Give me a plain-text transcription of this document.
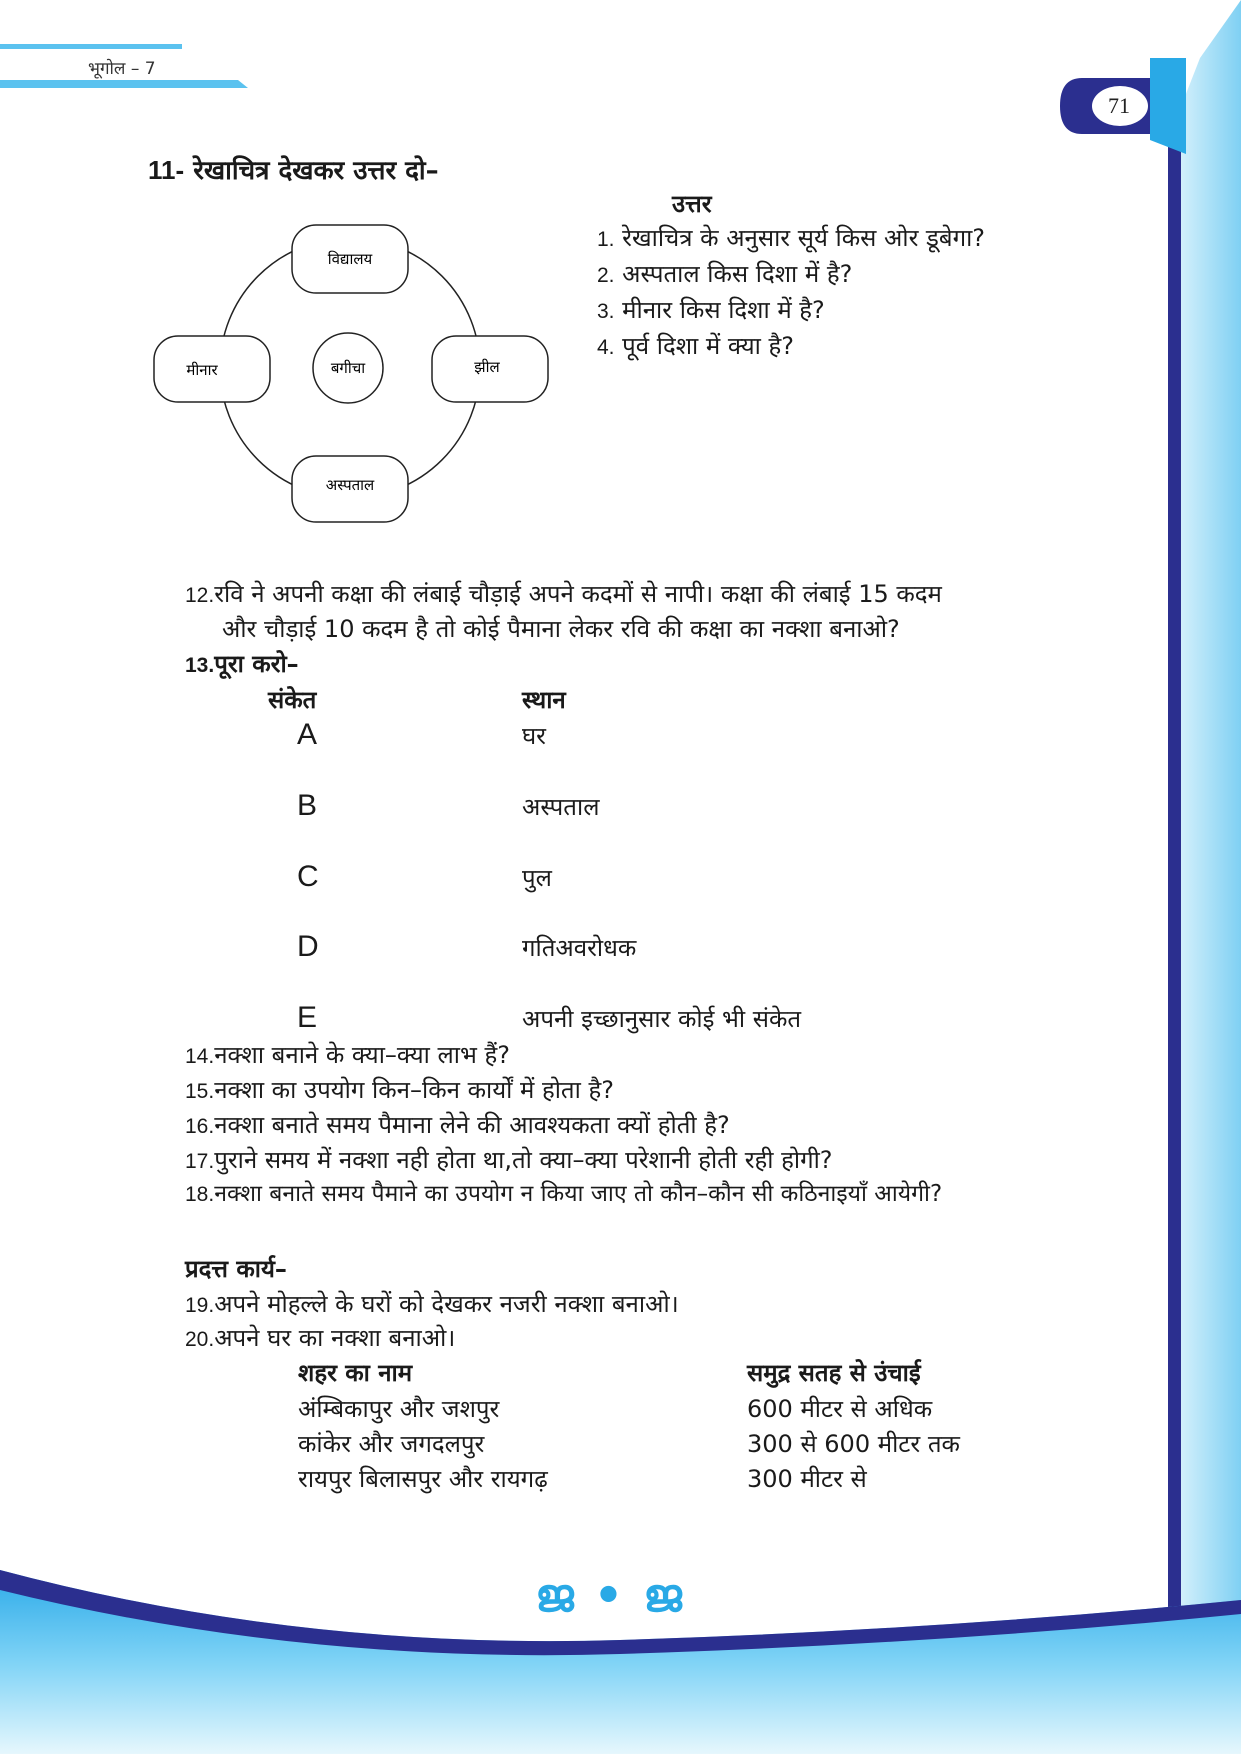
भूगोल – 7
71
11- रेखाचित्र देखकर उत्तर दो–
विद्यालय
मीनार	बगीचा	झील
अस्पताल
उत्तर
1. रेखाचित्र के अनुसार सूर्य किस ओर डूबेगा?
2. अस्पताल किस दिशा में है?
3. मीनार किस दिशा में है?
4. पूर्व दिशा में क्या है?
12.रवि ने अपनी कक्षा की लंबाई चौड़ाई अपने कदमों से नापी। कक्षा की लंबाई 15 कदम
और चौड़ाई 10 कदम है तो कोई पैमाना लेकर रवि की कक्षा का नक्शा बनाओ?
13.पूरा करो–
संकेत	स्थान
A	घर
B	अस्पताल
C	पुल
D	गतिअवरोधक
E	अपनी इच्छानुसार कोई भी संकेत
14.नक्शा बनाने के क्या–क्या लाभ हैं?
15.नक्शा का उपयोग किन–किन कार्यों में होता है?
16.नक्शा बनाते समय पैमाना लेने की आवश्यकता क्यों होती है?
17.पुराने समय में नक्शा नही होता था,तो क्या–क्या परेशानी होती रही होगी?
18.नक्शा बनाते समय पैमाने का उपयोग न किया जाए तो कौन–कौन सी कठिनाइयाँ आयेगी?
प्रदत्त कार्य–
19.अपने मोहल्ले के घरों को देखकर नजरी नक्शा बनाओ।
20.अपने घर का नक्शा बनाओ।
शहर का नाम	समुद्र सतह से उंचाई
अंम्बिकापुर और जशपुर	600 मीटर से अधिक
कांकेर और जगदलपुर	300 से 600 मीटर तक
रायपुर बिलासपुर और रायगढ़	300 मीटर से
ജ • ജ
